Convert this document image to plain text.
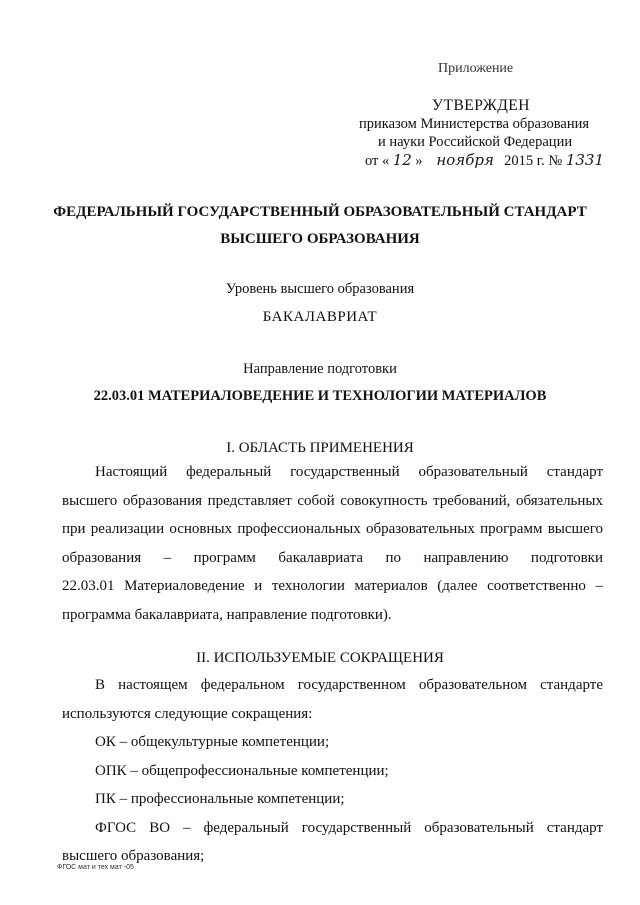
Приложение
УТВЕРЖДЕН
приказом Министерства образования
и науки Российской Федерации
от « 12 » ноября 2015 г. № 1331
ФЕДЕРАЛЬНЫЙ ГОСУДАРСТВЕННЫЙ ОБРАЗОВАТЕЛЬНЫЙ СТАНДАРТ
ВЫСШЕГО ОБРАЗОВАНИЯ
Уровень высшего образования
БАКАЛАВРИАТ
Направление подготовки
22.03.01 МАТЕРИАЛОВЕДЕНИЕ И ТЕХНОЛОГИИ МАТЕРИАЛОВ
I. ОБЛАСТЬ ПРИМЕНЕНИЯ
Настоящий федеральный государственный образовательный стандарт
высшего образования представляет собой совокупность требований, обязательных
при реализации основных профессиональных образовательных программ высшего
образования – программ бакалавриата по направлению подготовки
22.03.01 Материаловедение и технологии материалов (далее соответственно –
программа бакалавриата, направление подготовки).
II. ИСПОЛЬЗУЕМЫЕ СОКРАЩЕНИЯ
В настоящем федеральном государственном образовательном стандарте
используются следующие сокращения:
ОК – общекультурные компетенции;
ОПК – общепрофессиональные компетенции;
ПК – профессиональные компетенции;
ФГОС ВО – федеральный государственный образовательный стандарт
высшего образования;
ФГОС мат и тех мат -05
